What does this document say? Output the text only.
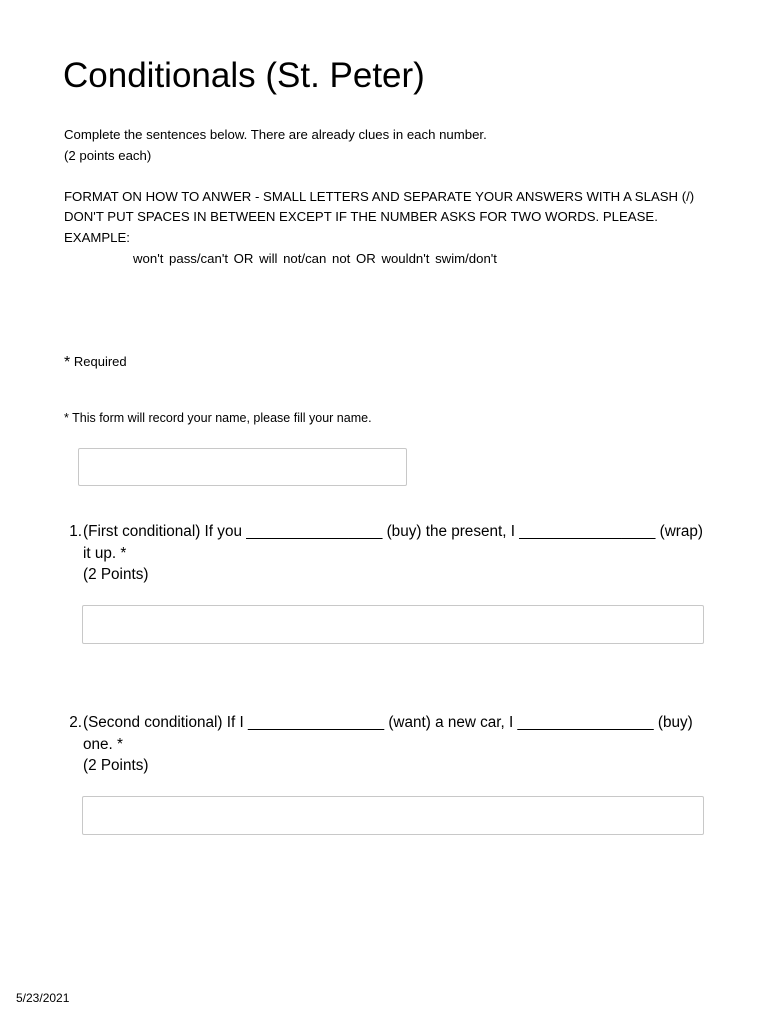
Conditionals (St. Peter)

Complete the sentences below. There are already clues in each number.

(2 points each)

FORMAT ON HOW TO ANWER - SMALL LETTERS AND SEPARATE YOUR ANSWERS WITH A SLASH (/)

DON'T PUT SPACES IN BETWEEN EXCEPT IF THE NUMBER ASKS FOR TWO WORDS. PLEASE.

EXAMPLE:

won't pass/can't OR will not/can not OR wouldn't swim/don't

* Required
* This form will record your name, please fill your name.
1. (First conditional) If you ________________ (buy) the present, I ________________ (wrap) it up. *
(2 Points)
2. (Second conditional) If I ________________ (want) a new car, I ________________ (buy) one. *
(2 Points)
5/23/2021
